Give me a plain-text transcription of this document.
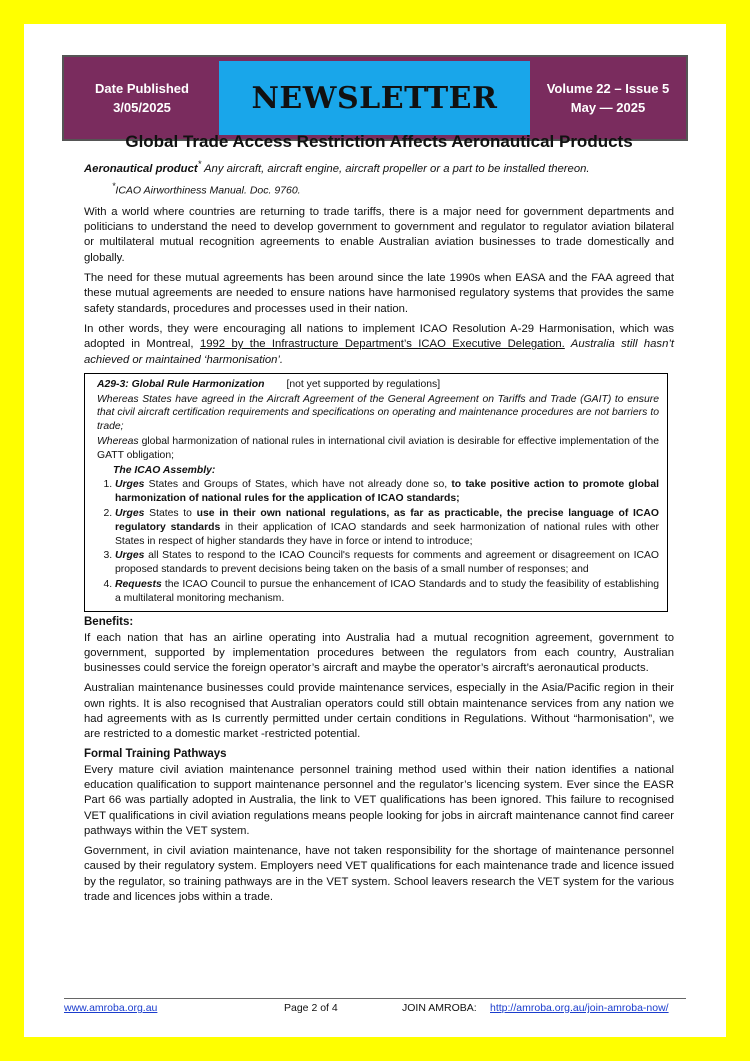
Date Published
3/05/2025	NEWSLETTER	Volume 22 – Issue 5
May — 2025
Global Trade Access Restriction Affects Aeronautical Products

Aeronautical product* Any aircraft, aircraft engine, aircraft propeller or a part to be installed thereon.

*ICAO Airworthiness Manual. Doc. 9760.

With a world where countries are returning to trade tariffs, there is a major need for government departments and politicians to understand the need to develop government to government and regulator to regulator aviation bilateral or multilateral mutual recognition agreements to enable Australian aviation businesses to trade domestically and globally.

The need for these mutual agreements has been around since the late 1990s when EASA and the FAA agreed that these mutual agreements are needed to ensure nations have harmonised regulatory systems that provides the same safety standards, procedures and processes used in their nation.

In other words, they were encouraging all nations to implement ICAO Resolution A-29 Harmonisation, which was adopted in Montreal, 1992 by the Infrastructure Department’s ICAO Executive Delegation. Australia still hasn’t achieved or maintained ‘harmonisation’.

A29-3: Global Rule Harmonization [not yet supported by regulations]

Whereas States have agreed in the Aircraft Agreement of the General Agreement on Tariffs and Trade (GAIT) to ensure that civil aircraft certification requirements and specifications on operating and maintenance procedures are not barriers to trade;

Whereas global harmonization of national rules in international civil aviation is desirable for effective implementation of the GATT obligation;

The ICAO Assembly:

1. Urges States and Groups of States, which have not already done so, to take positive action to promote global harmonization of national rules for the application of ICAO standards;
2. Urges States to use in their own national regulations, as far as practicable, the precise language of ICAO regulatory standards in their application of ICAO standards and seek harmonization of national rules with other States in respect of higher standards they have in force or intend to introduce;
3. Urges all States to respond to the ICAO Council's requests for comments and agreement or disagreement on ICAO proposed standards to prevent decisions being taken on the basis of a small number of responses; and
4. Requests the ICAO Council to pursue the enhancement of ICAO Standards and to study the feasibility of establishing a multilateral monitoring mechanism.
Benefits:

If each nation that has an airline operating into Australia had a mutual recognition agreement, government to government, supported by implementation procedures between the regulators from each country, Australian businesses could service the foreign operator’s aircraft and maybe the operator’s aircraft’s aeronautical products.

Australian maintenance businesses could provide maintenance services, especially in the Asia/Pacific region in their own rights. It is also recognised that Australian operators could still obtain maintenance services from any nation we had agreements with as Is currently permitted under certain conditions in Regulations. Without “harmonisation”, we are restricted to a domestic market -restricted potential.

Formal Training Pathways

Every mature civil aviation maintenance personnel training method used within their nation identifies a national education qualification to support maintenance personnel and the regulator’s licencing system. Ever since the EASR Part 66 was partially adopted in Australia, the link to VET qualifications has been ignored. This failure to recognised VET qualifications in civil aviation regulations means people looking for jobs in aircraft maintenance cannot find career pathways within the VET system.

Government, in civil aviation maintenance, have not taken responsibility for the shortage of maintenance personnel caused by their regulatory system. Employers need VET qualifications for each maintenance trade and licence issued by the regulator, so training pathways are in the VET system. School leavers research the VET system for the various trade and licences jobs within a trade.

www.amroba.org.au	Page 2 of 4	JOIN AMROBA:	http://amroba.org.au/join-amroba-now/
